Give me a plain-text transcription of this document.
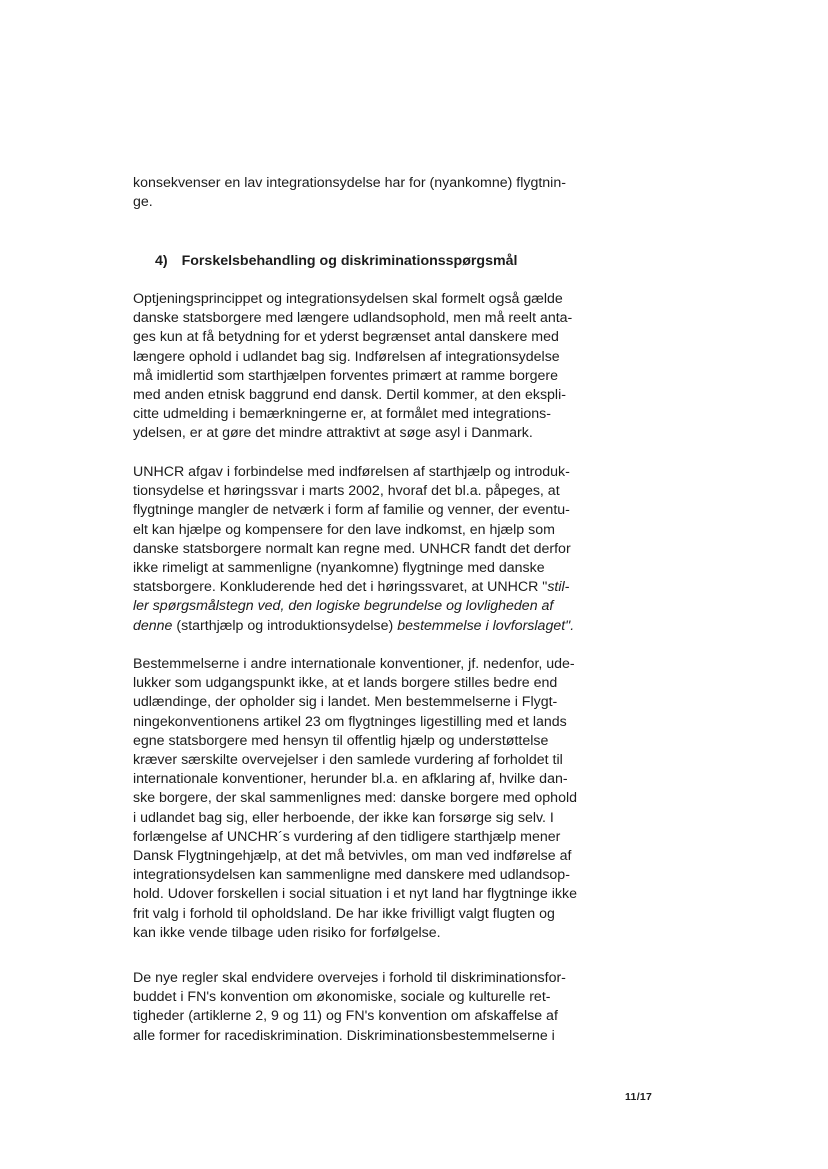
konsekvenser en lav integrationsydelse har for (nyankomne) flygtnin-
ge.
4) Forskelsbehandling og diskriminationsspørgsmål
Optjeningsprincippet og integrationsydelsen skal formelt også gælde
danske statsborgere med længere udlandsophold, men må reelt anta-
ges kun at få betydning for et yderst begrænset antal danskere med
længere ophold i udlandet bag sig. Indførelsen af integrationsydelse
må imidlertid som starthjælpen forventes primært at ramme borgere
med anden etnisk baggrund end dansk. Dertil kommer, at den ekspli-
citte udmelding i bemærkningerne er, at formålet med integrations-
ydelsen, er at gøre det mindre attraktivt at søge asyl i Danmark.
UNHCR afgav i forbindelse med indførelsen af starthjælp og introduk-
tionsydelse et høringssvar i marts 2002, hvoraf det bl.a. påpeges, at
flygtninge mangler de netværk i form af familie og venner, der eventu-
elt kan hjælpe og kompensere for den lave indkomst, en hjælp som
danske statsborgere normalt kan regne med. UNHCR fandt det derfor
ikke rimeligt at sammenligne (nyankomne) flygtninge med danske
statsborgere. Konkluderende hed det i høringssvaret, at UNHCR "stil-
ler spørgsmålstegn ved, den logiske begrundelse og lovligheden af
denne (starthjælp og introduktionsydelse) bestemmelse i lovforslaget".
Bestemmelserne i andre internationale konventioner, jf. nedenfor, ude-
lukker som udgangspunkt ikke, at et lands borgere stilles bedre end
udlændinge, der opholder sig i landet. Men bestemmelserne i Flygt-
ningekonventionens artikel 23 om flygtninges ligestilling med et lands
egne statsborgere med hensyn til offentlig hjælp og understøttelse
kræver særskilte overvejelser i den samlede vurdering af forholdet til
internationale konventioner, herunder bl.a. en afklaring af, hvilke dan-
ske borgere, der skal sammenlignes med: danske borgere med ophold
i udlandet bag sig, eller herboende, der ikke kan forsørge sig selv. I
forlængelse af UNCHR´s vurdering af den tidligere starthjælp mener
Dansk Flygtningehjælp, at det må betvivles, om man ved indførelse af
integrationsydelsen kan sammenligne med danskere med udlandsop-
hold. Udover forskellen i social situation i et nyt land har flygtninge ikke
frit valg i forhold til opholdsland. De har ikke frivilligt valgt flugten og
kan ikke vende tilbage uden risiko for forfølgelse.
De nye regler skal endvidere overvejes i forhold til diskriminationsfor-
buddet i FN's konvention om økonomiske, sociale og kulturelle ret-
tigheder (artiklerne 2, 9 og 11) og FN's konvention om afskaffelse af
alle former for racediskrimination. Diskriminationsbestemmelserne i
11/17
